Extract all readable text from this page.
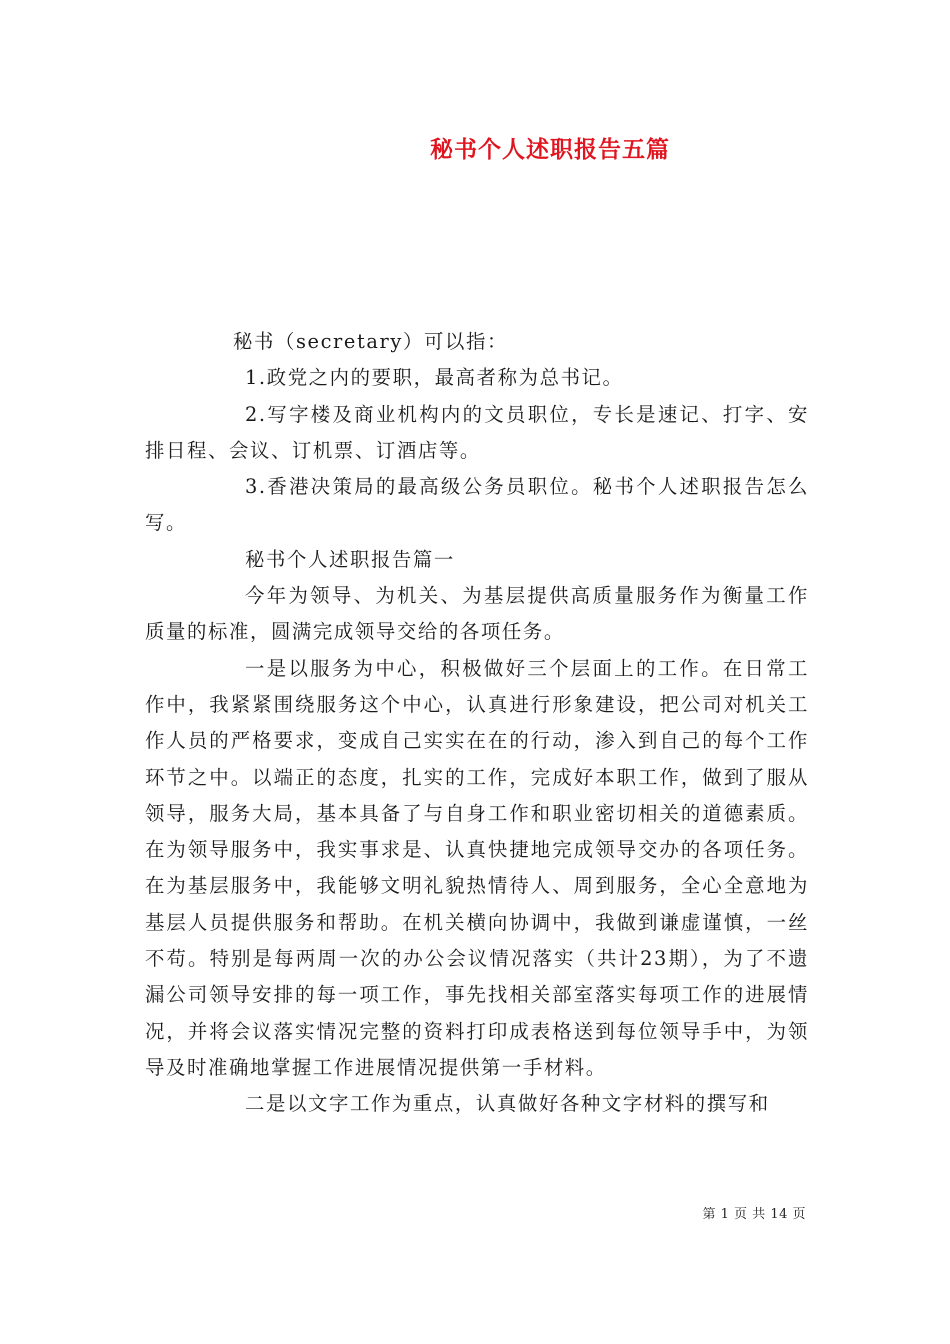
秘书个人述职报告五篇

秘书（secretary）可以指：

1.政党之内的要职，最高者称为总书记。

2.写字楼及商业机构内的文员职位，专长是速记、打字、安排日程、会议、订机票、订酒店等。

3.香港决策局的最高级公务员职位。秘书个人述职报告怎么写。

秘书个人述职报告篇一

今年为领导、为机关、为基层提供高质量服务作为衡量工作质量的标准，圆满完成领导交给的各项任务。

一是以服务为中心，积极做好三个层面上的工作。在日常工作中，我紧紧围绕服务这个中心，认真进行形象建设，把公司对机关工作人员的严格要求，变成自己实实在在的行动，渗入到自己的每个工作环节之中。以端正的态度，扎实的工作，完成好本职工作，做到了服从领导，服务大局，基本具备了与自身工作和职业密切相关的道德素质。在为领导服务中，我实事求是、认真快捷地完成领导交办的各项任务。在为基层服务中，我能够文明礼貌热情待人、周到服务，全心全意地为基层人员提供服务和帮助。在机关横向协调中，我做到谦虚谨慎，一丝不苟。特别是每两周一次的办公会议情况落实（共计23期），为了不遗漏公司领导安排的每一项工作，事先找相关部室落实每项工作的进展情况，并将会议落实情况完整的资料打印成表格送到每位领导手中，为领导及时准确地掌握工作进展情况提供第一手材料。

二是以文字工作为重点，认真做好各种文字材料的撰写和

第 1 页 共 14 页
